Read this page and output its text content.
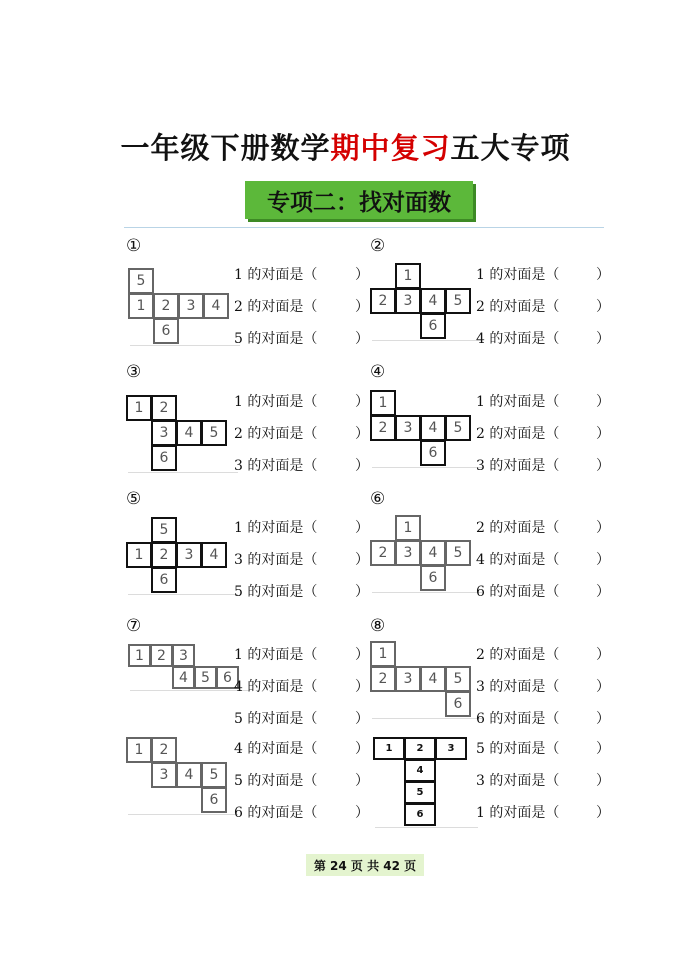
一年级下册数学期中复习五大专项
专项二：找对面数
①
5
1	2	3	4
6
1 的对面是（	）
2 的对面是（	）
5 的对面是（	）
②
1
2	3	4	5
6
1 的对面是（	）
2 的对面是（	）
4 的对面是（	）
③
1	2
3	4	5
6
1 的对面是（	）
2 的对面是（	）
3 的对面是（	）
④
1
2	3	4	5
6
1 的对面是（	）
2 的对面是（	）
3 的对面是（	）
⑤
5
1	2	3	4
6
1 的对面是（	）
3 的对面是（	）
5 的对面是（	）
⑥
1
2	3	4	5
6
2 的对面是（	）
4 的对面是（	）
6 的对面是（	）
⑦
1 2 3
4 5 6
1 的对面是（	）
4 的对面是（	）
5 的对面是（	）
⑧
1
2	3	4	5
6
2 的对面是（	）
3 的对面是（	）
6 的对面是（	）
1	2
3	4	5
6
4 的对面是（	）
5 的对面是（	）
6 的对面是（	）
1	2	3
4
5
6
5 的对面是（	）
3 的对面是（	）
1 的对面是（	）
第 24 页 共 42 页
